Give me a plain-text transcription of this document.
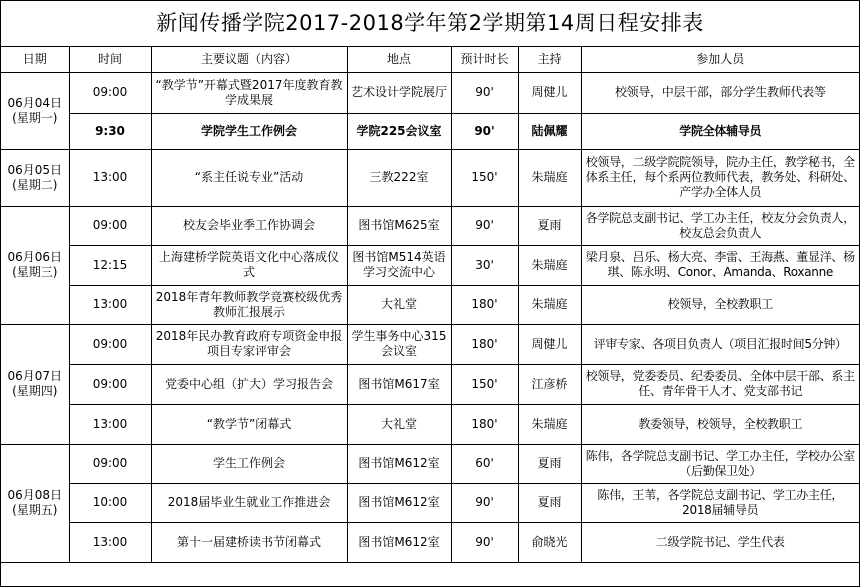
新闻传播学院2017-2018学年第2学期第14周日程安排表
日期	时间	主要议题（内容）	地点	预计时长	主持	参加人员
06月04日
(星期一)	09:00	“教学节”开幕式暨2017年度教育教学成果展	艺术设计学院展厅	90'	周健儿	校领导，中层干部，部分学生教师代表等
	9:30	学院学生工作例会	学院225会议室	90'	陆佩耀	学院全体辅导员
06月05日
(星期二)	13:00	“系主任说专业”活动	三教222室	150'	朱瑞庭	校领导，二级学院院领导，院办主任，教学秘书，全体系主任，每个系两位教师代表，教务处、科研处、产学办全体人员
06月06日
(星期三)	09:00	校友会毕业季工作协调会	图书馆M625室	90'	夏雨	各学院总支副书记、学工办主任，校友分会负责人，校友总会负责人
	12:15	上海建桥学院英语文化中心落成仪式	图书馆M514英语学习交流中心	30'	朱瑞庭	梁月泉、吕乐、杨大亮、李雷、王海燕、董显洋、杨琪、陈永明、Conor、Amanda、Roxanne
	13:00	2018年青年教师教学竞赛校级优秀教师汇报展示	大礼堂	180'	朱瑞庭	校领导，全校教职工
06月07日
(星期四)	09:00	2018年民办教育政府专项资金申报项目专家评审会	学生事务中心315会议室	180'	周健儿	评审专家、各项目负责人（项目汇报时间5分钟）
	09:00	党委中心组（扩大）学习报告会	图书馆M617室	150'	江彦桥	校领导，党委委员、纪委委员、全体中层干部、系主任、青年骨干人才、党支部书记
	13:00	“教学节”闭幕式	大礼堂	180'	朱瑞庭	教委领导，校领导，全校教职工
06月08日
(星期五)	09:00	学生工作例会	图书馆M612室	60'	夏雨	陈伟，各学院总支副书记、学工办主任，学校办公室（后勤保卫处）
	10:00	2018届毕业生就业工作推进会	图书馆M612室	90'	夏雨	陈伟，王苇，各学院总支副书记、学工办主任，2018届辅导员
	13:00	第十一届建桥读书节闭幕式	图书馆M612室	90'	俞晓光	二级学院书记、学生代表
